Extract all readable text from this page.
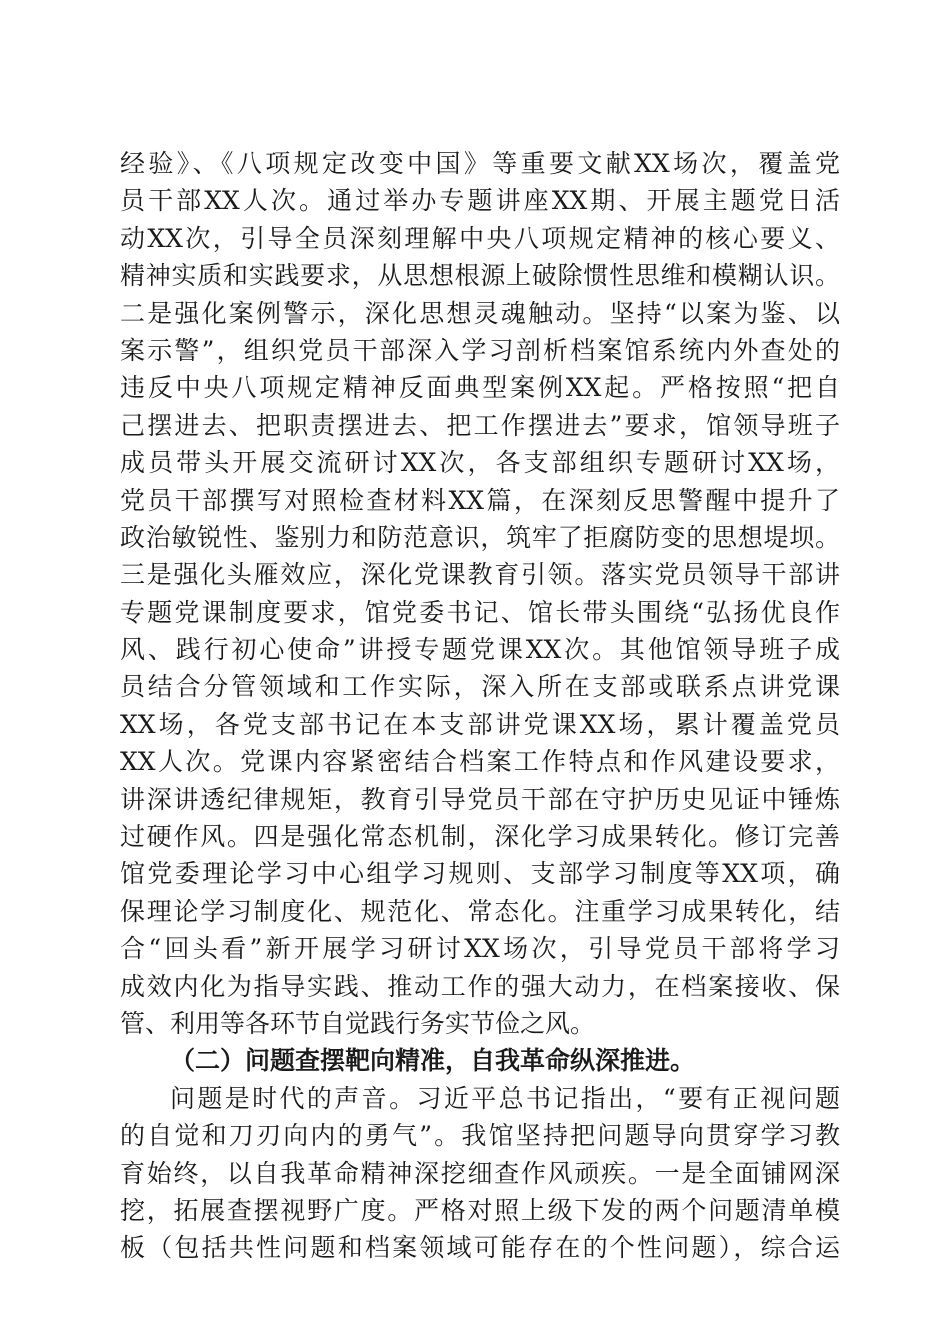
经验》、《八项规定改变中国》等重要文献XX场次，覆盖党
员干部XX人次。通过举办专题讲座XX期、开展主题党日活
动XX次，引导全员深刻理解中央八项规定精神的核心要义、
精神实质和实践要求，从思想根源上破除惯性思维和模糊认识。
二是强化案例警示，深化思想灵魂触动。坚持“以案为鉴、以
案示警”，组织党员干部深入学习剖析档案馆系统内外查处的
违反中央八项规定精神反面典型案例XX起。严格按照“把自
己摆进去、把职责摆进去、把工作摆进去”要求，馆领导班子
成员带头开展交流研讨XX次，各支部组织专题研讨XX场，
党员干部撰写对照检查材料XX篇，在深刻反思警醒中提升了
政治敏锐性、鉴别力和防范意识，筑牢了拒腐防变的思想堤坝。
三是强化头雁效应，深化党课教育引领。落实党员领导干部讲
专题党课制度要求，馆党委书记、馆长带头围绕“弘扬优良作
风、践行初心使命”讲授专题党课XX次。其他馆领导班子成
员结合分管领域和工作实际，深入所在支部或联系点讲党课
XX场，各党支部书记在本支部讲党课XX场，累计覆盖党员
XX人次。党课内容紧密结合档案工作特点和作风建设要求，
讲深讲透纪律规矩，教育引导党员干部在守护历史见证中锤炼
过硬作风。四是强化常态机制，深化学习成果转化。修订完善
馆党委理论学习中心组学习规则、支部学习制度等XX项，确
保理论学习制度化、规范化、常态化。注重学习成果转化，结
合“回头看”新开展学习研讨XX场次，引导党员干部将学习
成效内化为指导实践、推动工作的强大动力，在档案接收、保
管、利用等各环节自觉践行务实节俭之风。
（二）问题查摆靶向精准，自我革命纵深推进。
问题是时代的声音。习近平总书记指出，“要有正视问题
的自觉和刀刃向内的勇气”。我馆坚持把问题导向贯穿学习教
育始终，以自我革命精神深挖细查作风顽疾。一是全面铺网深
挖，拓展查摆视野广度。严格对照上级下发的两个问题清单模
板（包括共性问题和档案领域可能存在的个性问题），综合运
